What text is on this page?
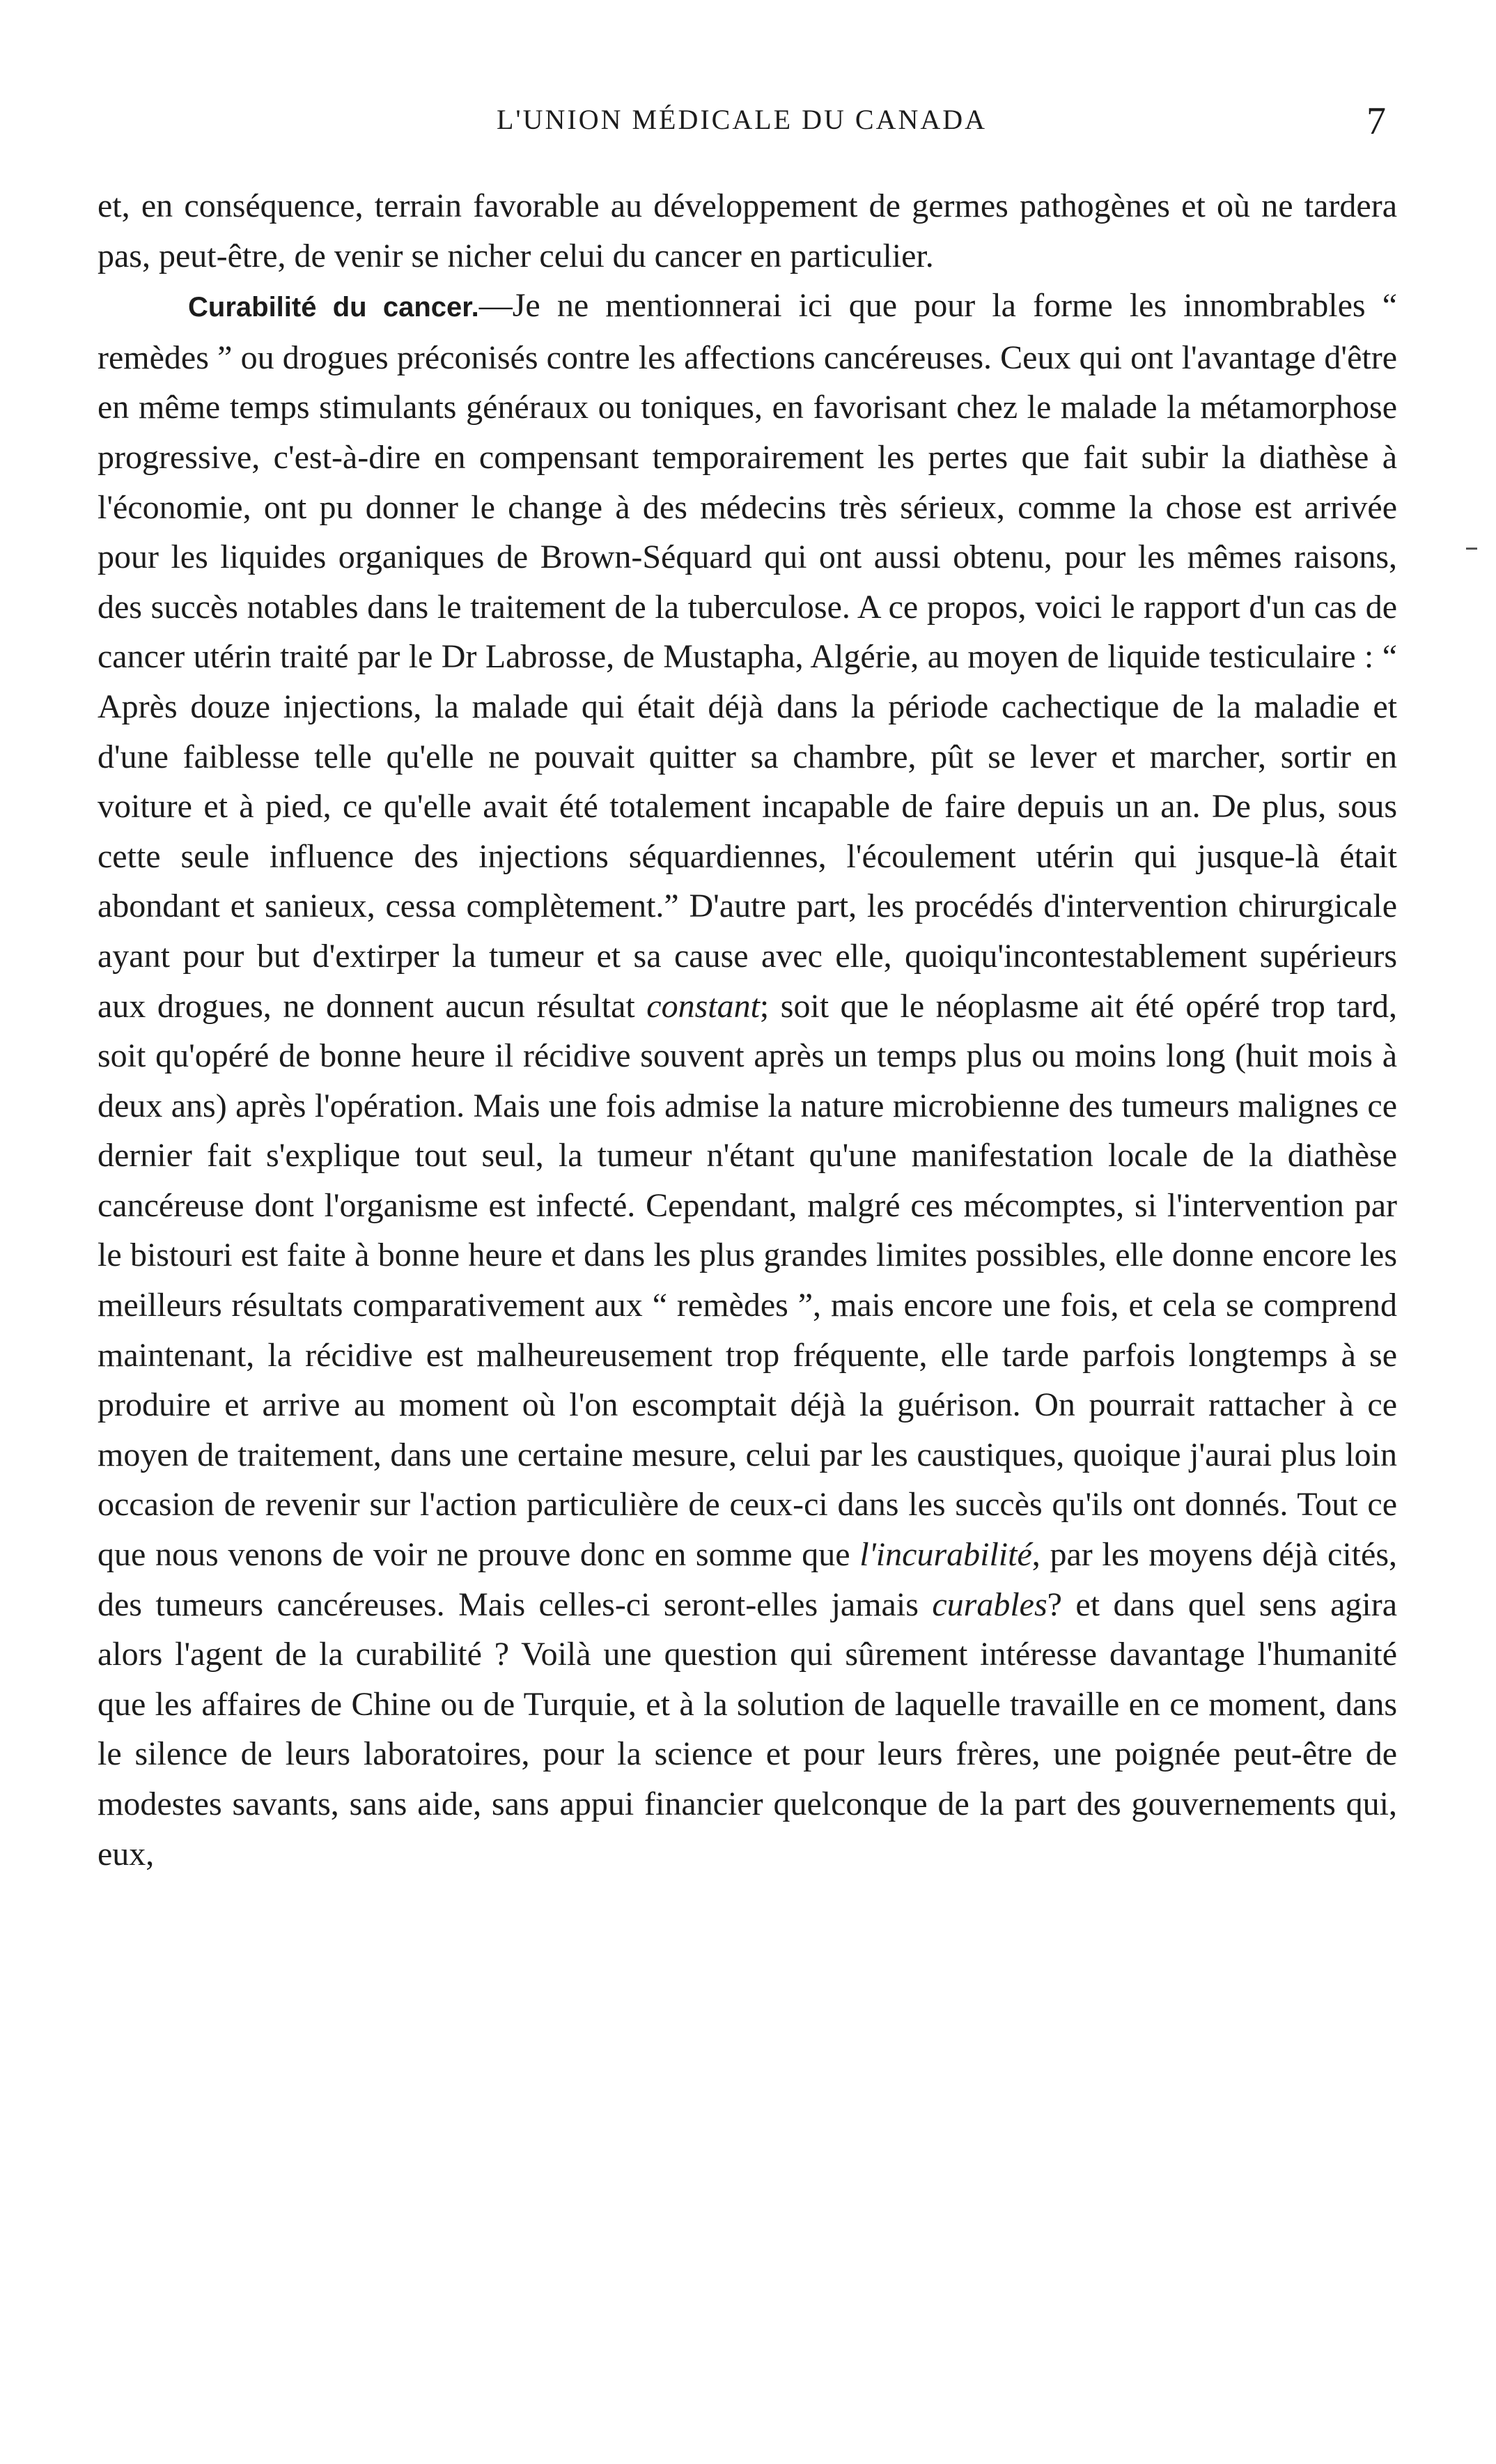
L'UNION MÉDICALE DU CANADA	7

et, en conséquence, terrain favorable au développement de germes pathogènes et où ne tardera pas, peut-être, de venir se nicher celui du cancer en particulier.

Curabilité du cancer.—Je ne mentionnerai ici que pour la forme les innombrables “ remèdes ” ou drogues préconisés contre les affections cancéreuses. Ceux qui ont l'avantage d'être en même temps stimulants généraux ou toniques, en favorisant chez le malade la métamorphose progressive, c'est-à-dire en compensant temporairement les pertes que fait subir la diathèse à l'économie, ont pu donner le change à des médecins très sérieux, comme la chose est arrivée pour les liquides organiques de Brown-Séquard qui ont aussi obtenu, pour les mêmes raisons, des succès notables dans le traitement de la tuberculose. A ce propos, voici le rapport d'un cas de cancer utérin traité par le Dr Labrosse, de Mustapha, Algérie, au moyen de liquide testiculaire : “ Après douze injections, la malade qui était déjà dans la période cachectique de la maladie et d'une faiblesse telle qu'elle ne pouvait quitter sa chambre, pût se lever et marcher, sortir en voiture et à pied, ce qu'elle avait été totalement incapable de faire depuis un an. De plus, sous cette seule influence des injections séquardiennes, l'écoulement utérin qui jusque-là était abondant et sanieux, cessa complètement.” D'autre part, les procédés d'intervention chirurgicale ayant pour but d'extirper la tumeur et sa cause avec elle, quoiqu'incontestablement supérieurs aux drogues, ne donnent aucun résultat constant; soit que le néoplasme ait été opéré trop tard, soit qu'opéré de bonne heure il récidive souvent après un temps plus ou moins long (huit mois à deux ans) après l'opération. Mais une fois admise la nature microbienne des tumeurs malignes ce dernier fait s'explique tout seul, la tumeur n'étant qu'une manifestation locale de la diathèse cancéreuse dont l'organisme est infecté. Cependant, malgré ces mécomptes, si l'intervention par le bistouri est faite à bonne heure et dans les plus grandes limites possibles, elle donne encore les meilleurs résultats comparativement aux “ remèdes ”, mais encore une fois, et cela se comprend maintenant, la récidive est malheureusement trop fréquente, elle tarde parfois longtemps à se produire et arrive au moment où l'on escomptait déjà la guérison. On pourrait rattacher à ce moyen de traitement, dans une certaine mesure, celui par les caustiques, quoique j'aurai plus loin occasion de revenir sur l'action particulière de ceux-ci dans les succès qu'ils ont donnés. Tout ce que nous venons de voir ne prouve donc en somme que l'incurabilité, par les moyens déjà cités, des tumeurs cancéreuses. Mais celles-ci seront-elles jamais curables? et dans quel sens agira alors l'agent de la curabilité ? Voilà une question qui sûrement intéresse davantage l'humanité que les affaires de Chine ou de Turquie, et à la solution de laquelle travaille en ce moment, dans le silence de leurs laboratoires, pour la science et pour leurs frères, une poignée peut-être de modestes savants, sans aide, sans appui financier quelconque de la part des gouvernements qui, eux,
